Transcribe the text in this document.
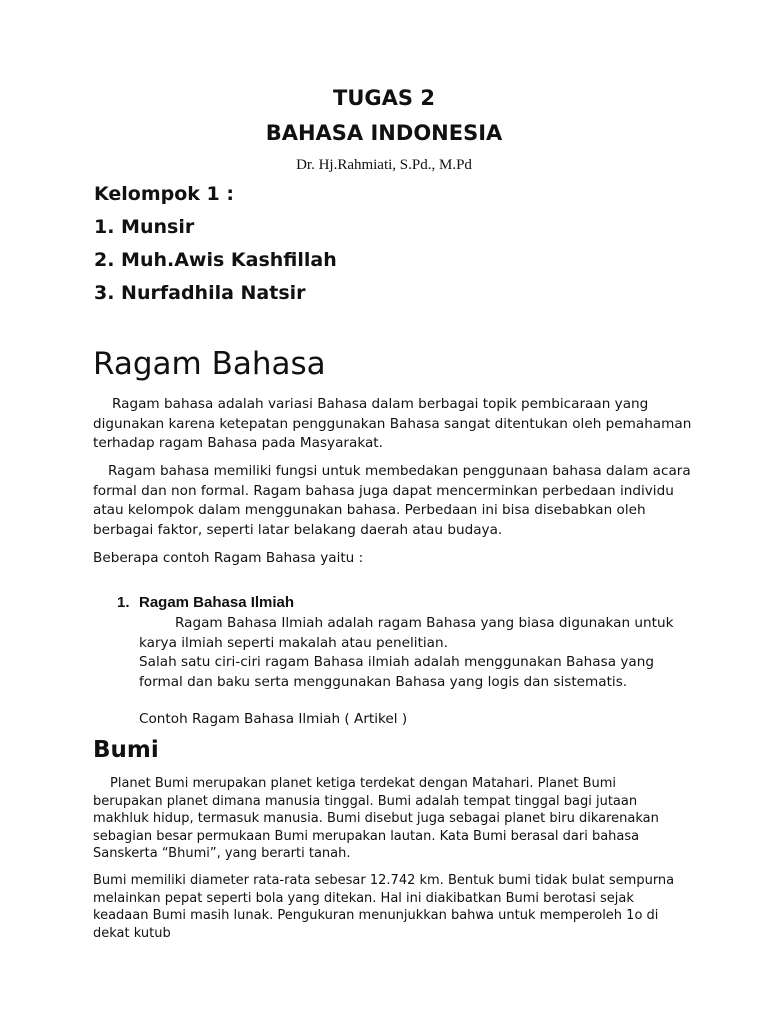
TUGAS 2
BAHASA INDONESIA
Dr. Hj.Rahmiati, S.Pd., M.Pd
Kelompok 1 :
1. Munsir
2. Muh.Awis Kashfillah
3. Nurfadhila Natsir
Ragam Bahasa
Ragam bahasa adalah variasi Bahasa dalam berbagai topik pembicaraan yang digunakan karena ketepatan penggunakan Bahasa sangat ditentukan oleh pemahaman terhadap ragam Bahasa pada Masyarakat.
Ragam bahasa memiliki fungsi untuk membedakan penggunaan bahasa dalam acara formal dan non formal. Ragam bahasa juga dapat mencerminkan perbedaan individu atau kelompok dalam menggunakan bahasa. Perbedaan ini bisa disebabkan oleh berbagai faktor, seperti latar belakang daerah atau budaya.
Beberapa contoh Ragam Bahasa yaitu :
1. Ragam Bahasa Ilmiah
Ragam Bahasa Ilmiah adalah ragam Bahasa yang biasa digunakan untuk karya ilmiah seperti makalah atau penelitian.
Salah satu ciri-ciri ragam Bahasa ilmiah adalah menggunakan Bahasa yang formal dan baku serta menggunakan Bahasa yang logis dan sistematis.
Contoh Ragam Bahasa Ilmiah ( Artikel )
Bumi
Planet Bumi merupakan planet ketiga terdekat dengan Matahari. Planet Bumi berupakan planet dimana manusia tinggal. Bumi adalah tempat tinggal bagi jutaan makhluk hidup, termasuk manusia. Bumi disebut juga sebagai planet biru dikarenakan sebagian besar permukaan Bumi merupakan lautan. Kata Bumi berasal dari bahasa Sanskerta “Bhumi”, yang berarti tanah.
Bumi memiliki diameter rata-rata sebesar 12.742 km. Bentuk bumi tidak bulat sempurna melainkan pepat seperti bola yang ditekan. Hal ini diakibatkan Bumi berotasi sejak keadaan Bumi masih lunak. Pengukuran menunjukkan bahwa untuk memperoleh 1o di dekat kutub
